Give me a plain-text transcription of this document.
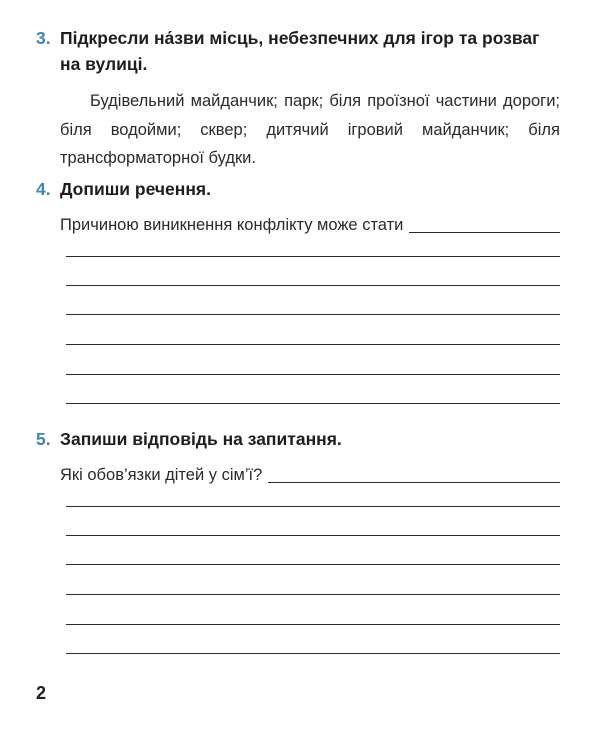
3. Підкресли на́зви місць, небезпечних для ігор та розваг на вулиці.
Будівельний майданчик; парк; біля проїзної частини дороги; біля водойми; сквер; дитячий ігровий майданчик; біля трансформаторної будки.
4. Допиши речення.
Причиною виникнення конфлікту може стати
5. Запиши відповідь на запитання.
Які обов’язки дітей у сім’ї?
2
